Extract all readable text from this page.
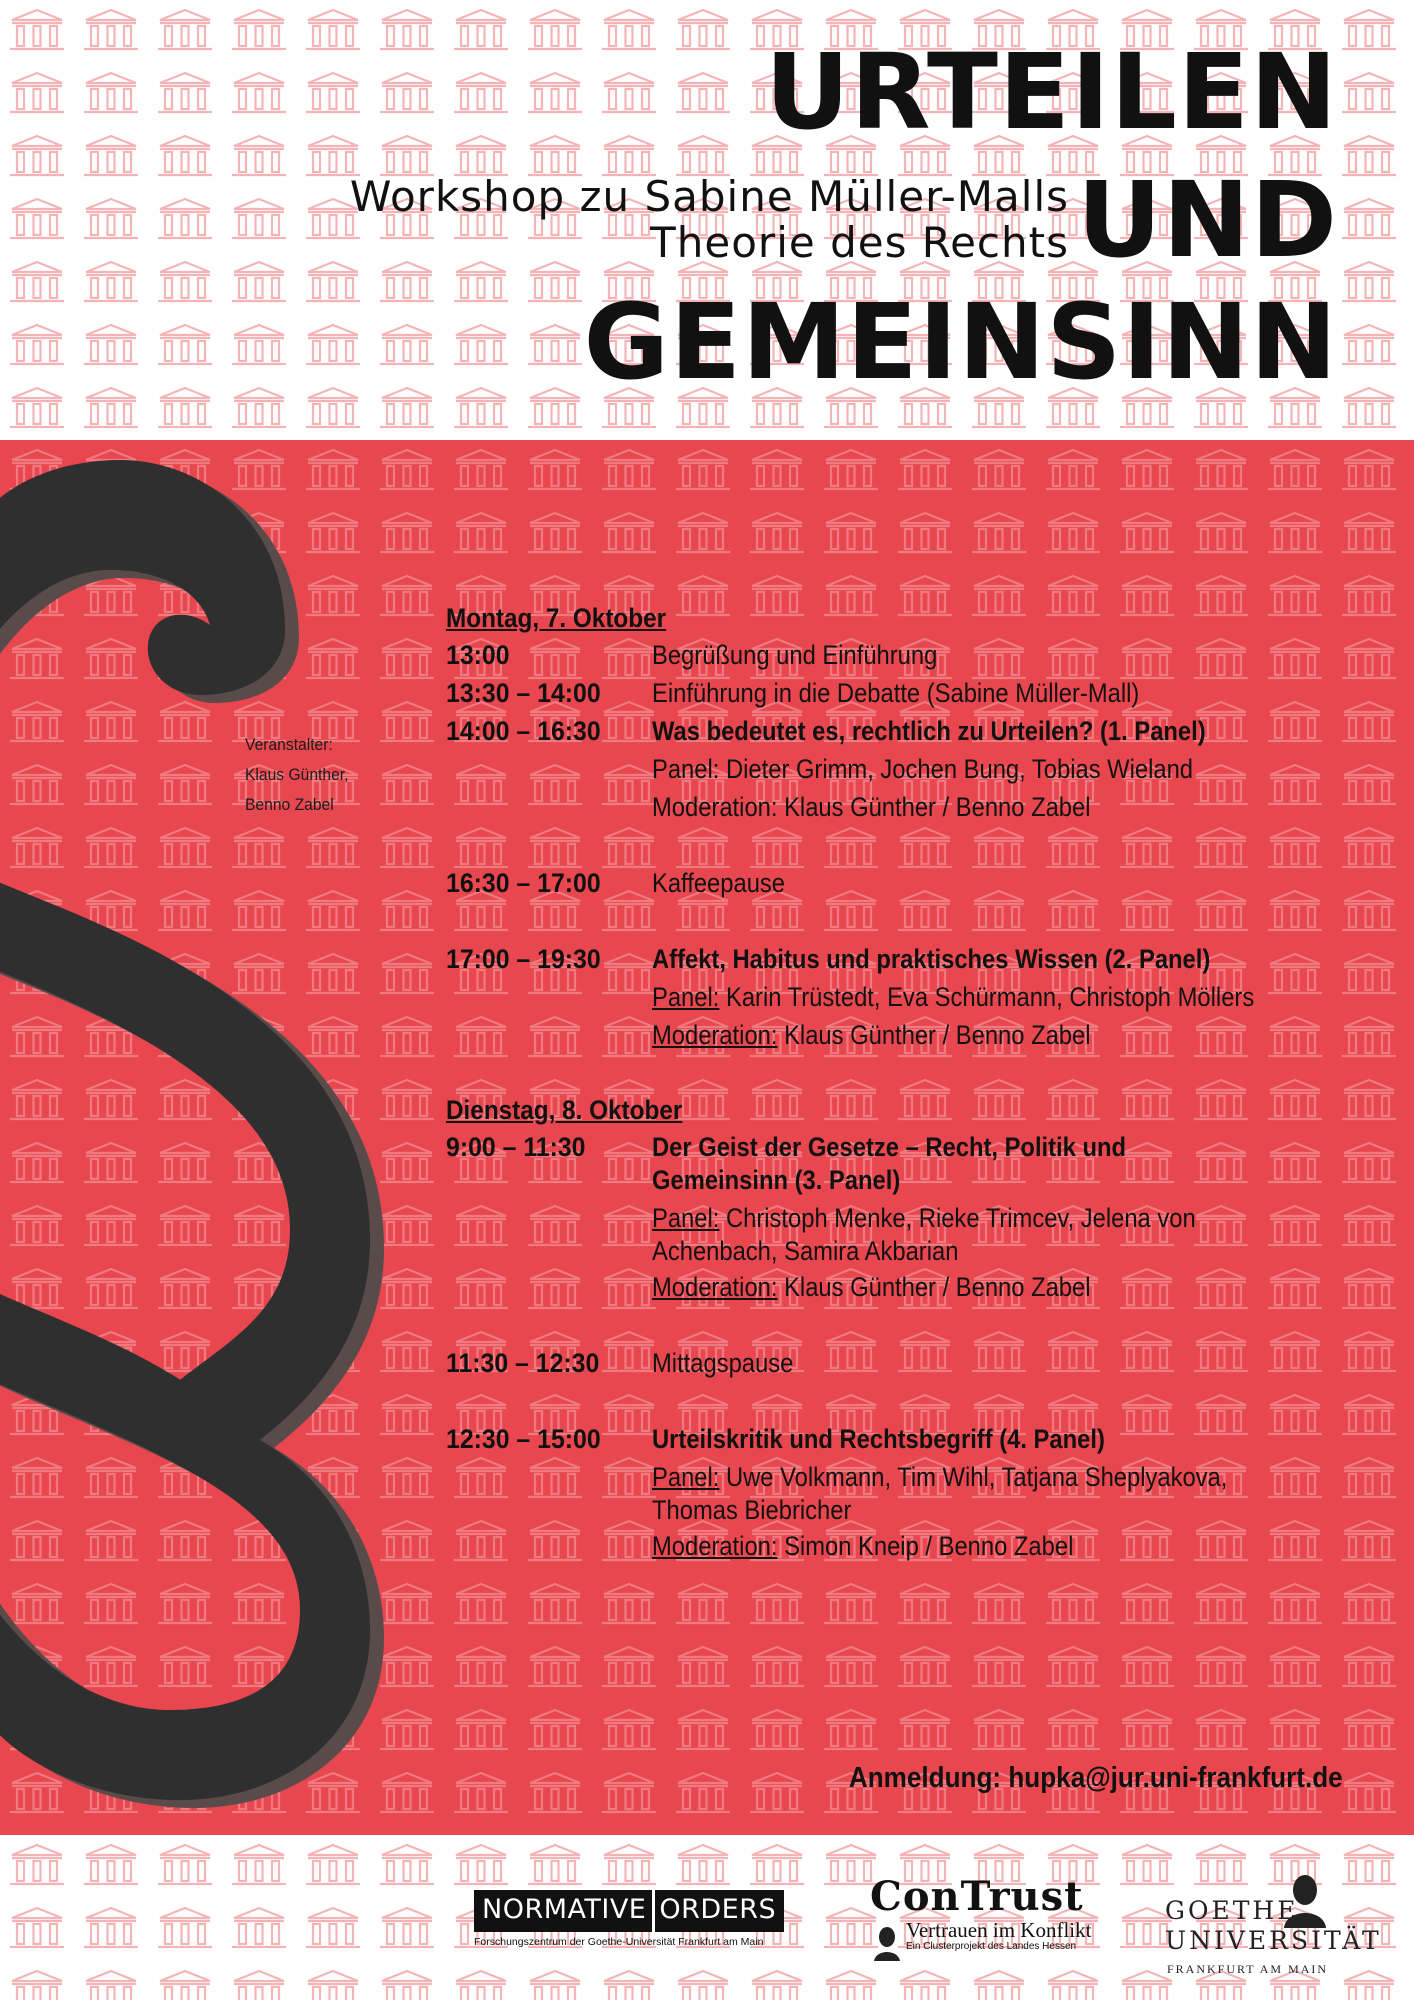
URTEILEN
UND
GEMEINSINN
Workshop zu Sabine Müller-Malls
Theorie des Rechts
Veranstalter:
Klaus Günther,
Benno Zabel
Montag, 7. Oktober
13:00	Begrüßung und Einführung
13:30 – 14:00	Einführung in die Debatte (Sabine Müller-Mall)
14:00 – 16:30	Was bedeutet es, rechtlich zu Urteilen? (1. Panel)
Panel: Dieter Grimm, Jochen Bung, Tobias Wieland
Moderation: Klaus Günther / Benno Zabel
16:30 – 17:00	Kaffeepause
17:00 – 19:30	Affekt, Habitus und praktisches Wissen (2. Panel)
Panel: Karin Trüstedt, Eva Schürmann, Christoph Möllers
Moderation: Klaus Günther / Benno Zabel
Dienstag, 8. Oktober
9:00 – 11:30	Der Geist der Gesetze – Recht, Politik und Gemeinsinn (3. Panel)
Panel: Christoph Menke, Rieke Trimcev, Jelena von Achenbach, Samira Akbarian
Moderation: Klaus Günther / Benno Zabel
11:30 – 12:30	Mittagspause
12:30 – 15:00	Urteilskritik und Rechtsbegriff (4. Panel)
Panel: Uwe Volkmann, Tim Wihl, Tatjana Sheplyakova, Thomas Biebricher
Moderation: Simon Kneip / Benno Zabel
Anmeldung: hupka@jur.uni-frankfurt.de
NORMATIVE ORDERS
Forschungszentrum der Goethe-Universität Frankfurt am Main
ConTrust
Vertrauen im Konflikt
Ein Clusterprojekt des Landes Hessen
GOETHE
UNIVERSITÄT
FRANKFURT AM MAIN
